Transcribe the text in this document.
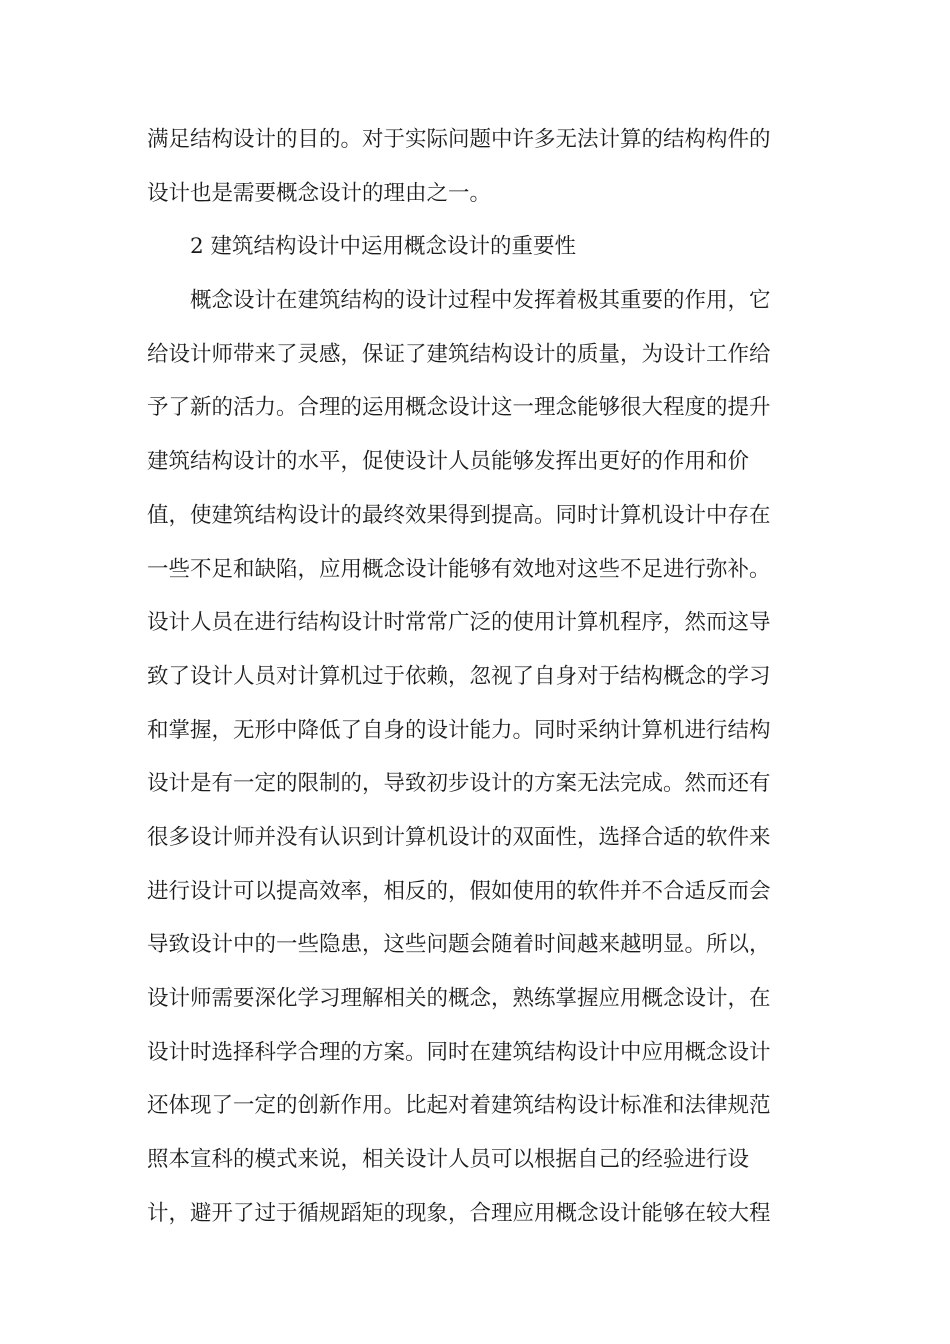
满足结构设计的目的。对于实际问题中许多无法计算的结构构件的
设计也是需要概念设计的理由之一。
2 建筑结构设计中运用概念设计的重要性
概念设计在建筑结构的设计过程中发挥着极其重要的作用，它
给设计师带来了灵感，保证了建筑结构设计的质量，为设计工作给
予了新的活力。合理的运用概念设计这一理念能够很大程度的提升
建筑结构设计的水平，促使设计人员能够发挥出更好的作用和价
值，使建筑结构设计的最终效果得到提高。同时计算机设计中存在
一些不足和缺陷，应用概念设计能够有效地对这些不足进行弥补。
设计人员在进行结构设计时常常广泛的使用计算机程序，然而这导
致了设计人员对计算机过于依赖，忽视了自身对于结构概念的学习
和掌握，无形中降低了自身的设计能力。同时采纳计算机进行结构
设计是有一定的限制的，导致初步设计的方案无法完成。然而还有
很多设计师并没有认识到计算机设计的双面性，选择合适的软件来
进行设计可以提高效率，相反的，假如使用的软件并不合适反而会
导致设计中的一些隐患，这些问题会随着时间越来越明显。所以，
设计师需要深化学习理解相关的概念，熟练掌握应用概念设计，在
设计时选择科学合理的方案。同时在建筑结构设计中应用概念设计
还体现了一定的创新作用。比起对着建筑结构设计标准和法律规范
照本宣科的模式来说，相关设计人员可以根据自己的经验进行设
计，避开了过于循规蹈矩的现象，合理应用概念设计能够在较大程
